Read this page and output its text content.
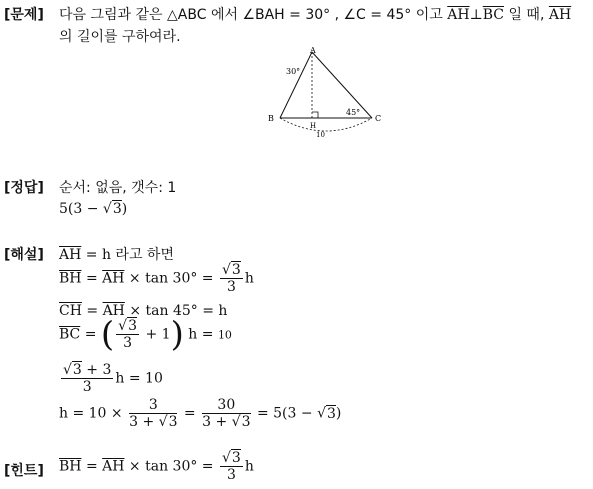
[문제] 다음 그림과 같은 △ABC 에서 ∠BAH = 30° , ∠C = 45° 이고 $\overline{AH}\perp\overline{BC}$ 일 때, $\overline{AH}$
의 길이를 구하여라.
A
B	C
H
30°
45°
10
[정답] 순서: 없음, 갯수: 1
5(3 − √3)
[해설] $\overline{AH} = h$ 라고 하면
$\overline{BH} = \overline{AH} \times \tan 30^\circ = \frac{√3}{3}$ h
$\overline{CH} = \overline{AH} \times \tan 45^\circ = h$
$\overline{BC}$ = ( $\frac{√3}{3} + 1$) h = 10
$\frac{√3 + 3}{3}$ h = 10
$h = 10 \times \frac{3}{3 + √3} = \frac{30}{3 + √3} = 5(3 - √3)$
[힌트] $\overline{BH} = \overline{AH} \times \tan 30^\circ = \frac{√3}{3}$ h
